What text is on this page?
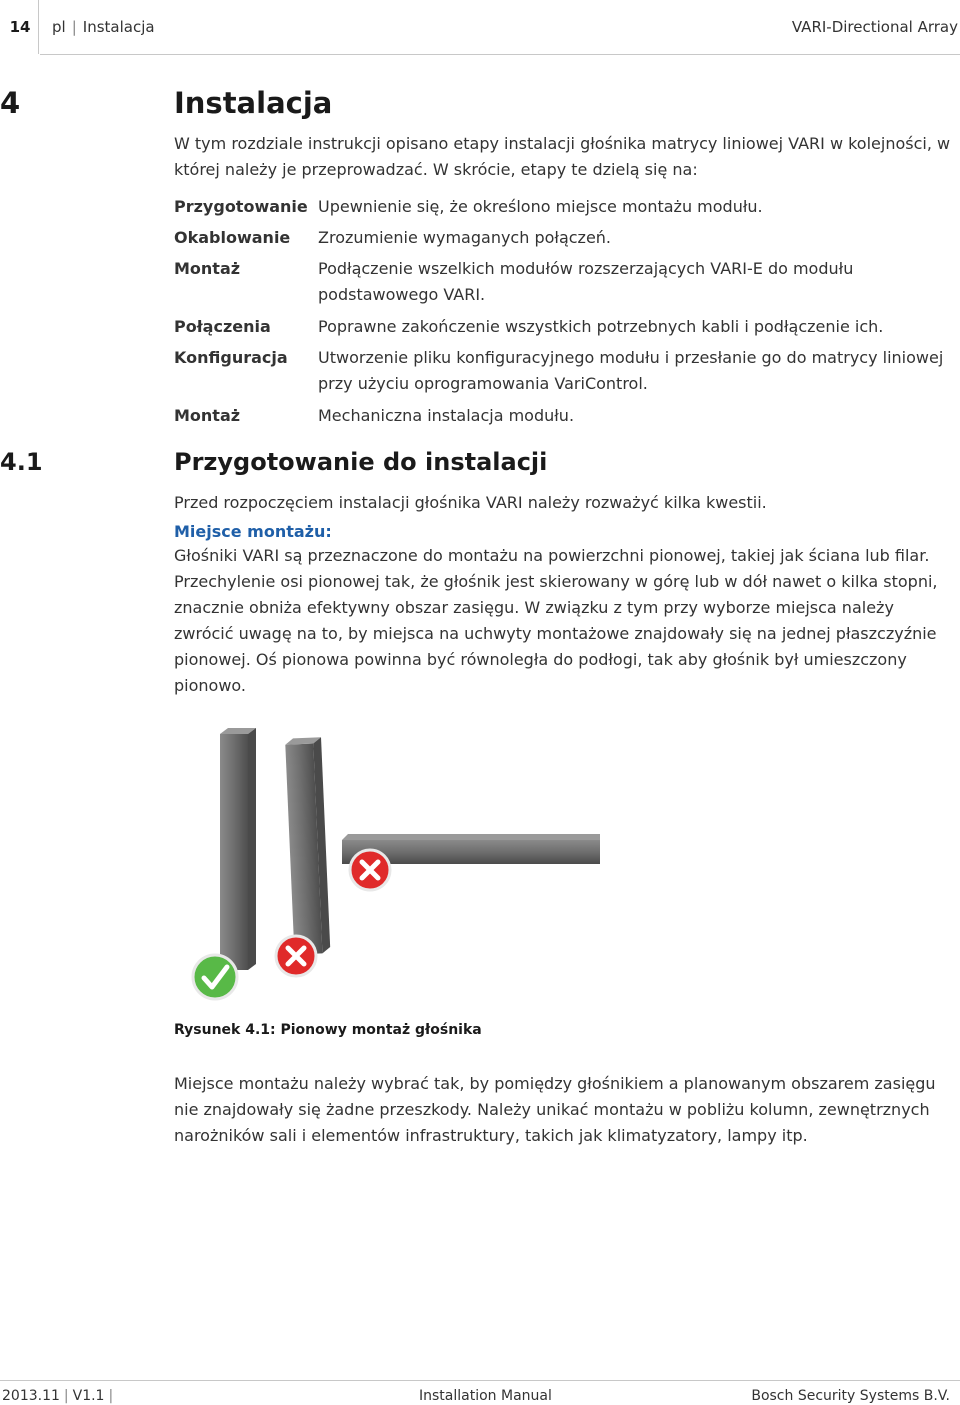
14	pl | Instalacja	VARI-Directional Array
4	Instalacja
W tym rozdziale instrukcji opisano etapy instalacji głośnika matrycy liniowej VARI w kolejności, w której należy je przeprowadzać. W skrócie, etapy te dzielą się na:
Przygotowanie Upewnienie się, że określono miejsce montażu modułu.
Okablowanie Zrozumienie wymaganych połączeń.
Montaż	Podłączenie wszelkich modułów rozszerzających VARI-E do modułu podstawowego VARI.
Połączenia	Poprawne zakończenie wszystkich potrzebnych kabli i podłączenie ich.
Konfiguracja Utworzenie pliku konfiguracyjnego modułu i przesłanie go do matrycy liniowej przy użyciu oprogramowania VariControl.
Montaż	Mechaniczna instalacja modułu.
4.1	Przygotowanie do instalacji
Przed rozpoczęciem instalacji głośnika VARI należy rozważyć kilka kwestii.
Miejsce montażu:
Głośniki VARI są przeznaczone do montażu na powierzchni pionowej, takiej jak ściana lub filar. Przechylenie osi pionowej tak, że głośnik jest skierowany w górę lub w dół nawet o kilka stopni, znacznie obniża efektywny obszar zasięgu. W związku z tym przy wyborze miejsca należy zwrócić uwagę na to, by miejsca na uchwyty montażowe znajdowały się na jednej płaszczyźnie pionowej. Oś pionowa powinna być równoległa do podłogi, tak aby głośnik był umieszczony pionowo.
Rysunek 4.1: Pionowy montaż głośnika
Miejsce montażu należy wybrać tak, by pomiędzy głośnikiem a planowanym obszarem zasięgu nie znajdowały się żadne przeszkody. Należy unikać montażu w pobliżu kolumn, zewnętrznych narożników sali i elementów infrastruktury, takich jak klimatyzatory, lampy itp.
2013.11 | V1.1 |	Installation Manual	Bosch Security Systems B.V.
